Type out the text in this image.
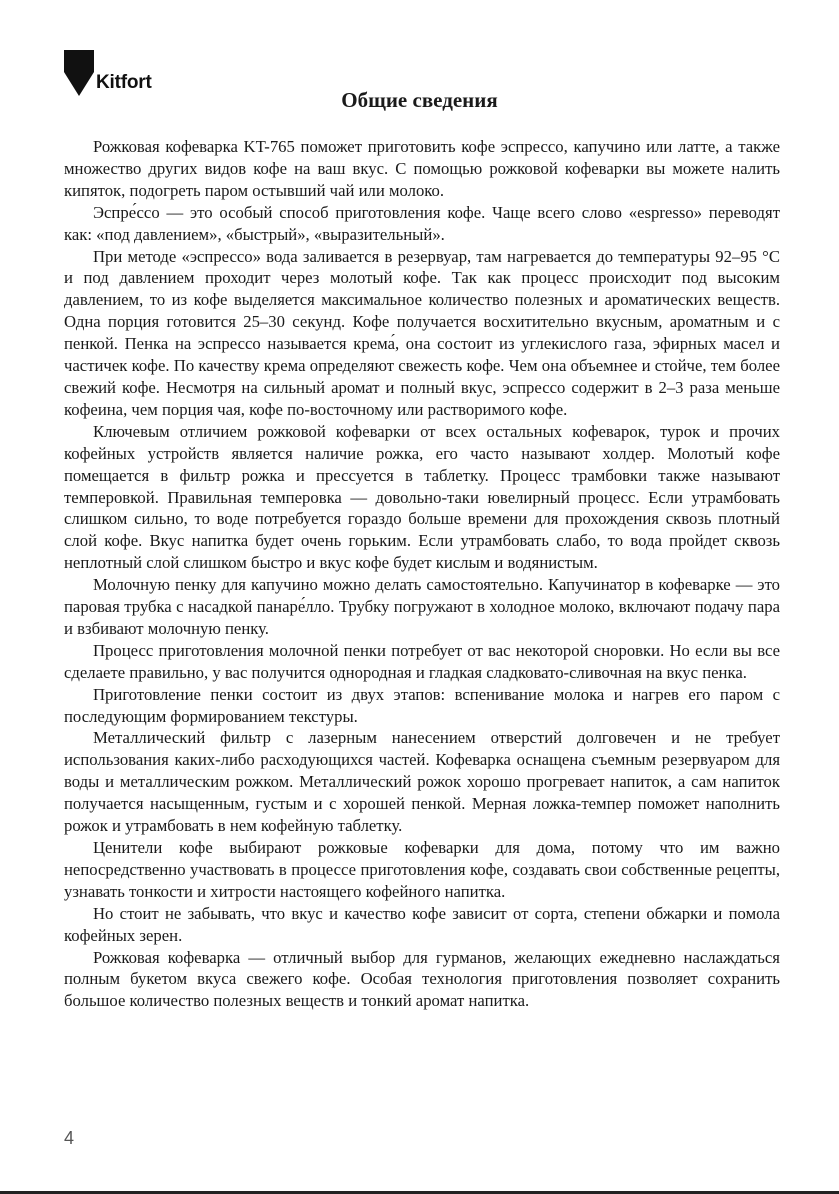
Kitfort
Общие сведения

Рожковая кофеварка KT-765 поможет приготовить кофе эспрессо, капучино или латте, а также множество других видов кофе на ваш вкус. С помощью рожковой кофеварки вы можете налить кипяток, подогреть паром остывший чай или молоко.

Эспре́ссо — это особый способ приготовления кофе. Чаще всего слово «espresso» переводят как: «под давлением», «быстрый», «выразительный».

При методе «эспрессо» вода заливается в резервуар, там нагревается до температуры 92–95 °C и под давлением проходит через молотый кофе. Так как процесс происходит под высоким давлением, то из кофе выделяется максимальное количество полезных и ароматических веществ. Одна порция готовится 25–30 секунд. Кофе получается восхитительно вкусным, ароматным и с пенкой. Пенка на эспрессо называется крема́, она состоит из углекислого газа, эфирных масел и частичек кофе. По качеству крема определяют свежесть кофе. Чем она объемнее и стойче, тем более свежий кофе. Несмотря на сильный аромат и полный вкус, эспрессо содержит в 2–3 раза меньше кофеина, чем порция чая, кофе по-восточному или растворимого кофе.

Ключевым отличием рожковой кофеварки от всех остальных кофеварок, турок и прочих кофейных устройств является наличие рожка, его часто называют холдер. Молотый кофе помещается в фильтр рожка и прессуется в таблетку. Процесс трамбовки также называют темперовкой. Правильная темперовка — довольно-таки ювелирный процесс. Если утрамбовать слишком сильно, то воде потребуется гораздо больше времени для прохождения сквозь плотный слой кофе. Вкус напитка будет очень горьким. Если утрамбовать слабо, то вода пройдет сквозь неплотный слой слишком быстро и вкус кофе будет кислым и водянистым.

Молочную пенку для капучино можно делать самостоятельно. Капучинатор в кофеварке — это паровая трубка с насадкой панаре́лло. Трубку погружают в холодное молоко, включают подачу пара и взбивают молочную пенку.

Процесс приготовления молочной пенки потребует от вас некоторой сноровки. Но если вы все сделаете правильно, у вас получится однородная и гладкая сладковато-сливочная на вкус пенка.

Приготовление пенки состоит из двух этапов: вспенивание молока и нагрев его паром с последующим формированием текстуры.

Металлический фильтр с лазерным нанесением отверстий долговечен и не требует использования каких-либо расходующихся частей. Кофеварка оснащена съемным резервуаром для воды и металлическим рожком. Металлический рожок хорошо прогревает напиток, а сам напиток получается насыщенным, густым и с хорошей пенкой. Мерная ложка-темпер поможет наполнить рожок и утрамбовать в нем кофейную таблетку.

Ценители кофе выбирают рожковые кофеварки для дома, потому что им важно непосредственно участвовать в процессе приготовления кофе, создавать свои собственные рецепты, узнавать тонкости и хитрости настоящего кофейного напитка.

Но стоит не забывать, что вкус и качество кофе зависит от сорта, степени обжарки и помола кофейных зерен.

Рожковая кофеварка — отличный выбор для гурманов, желающих ежедневно наслаждаться полным букетом вкуса свежего кофе. Особая технология приготовления позволяет сохранить большое количество полезных веществ и тонкий аромат напитка.

4
